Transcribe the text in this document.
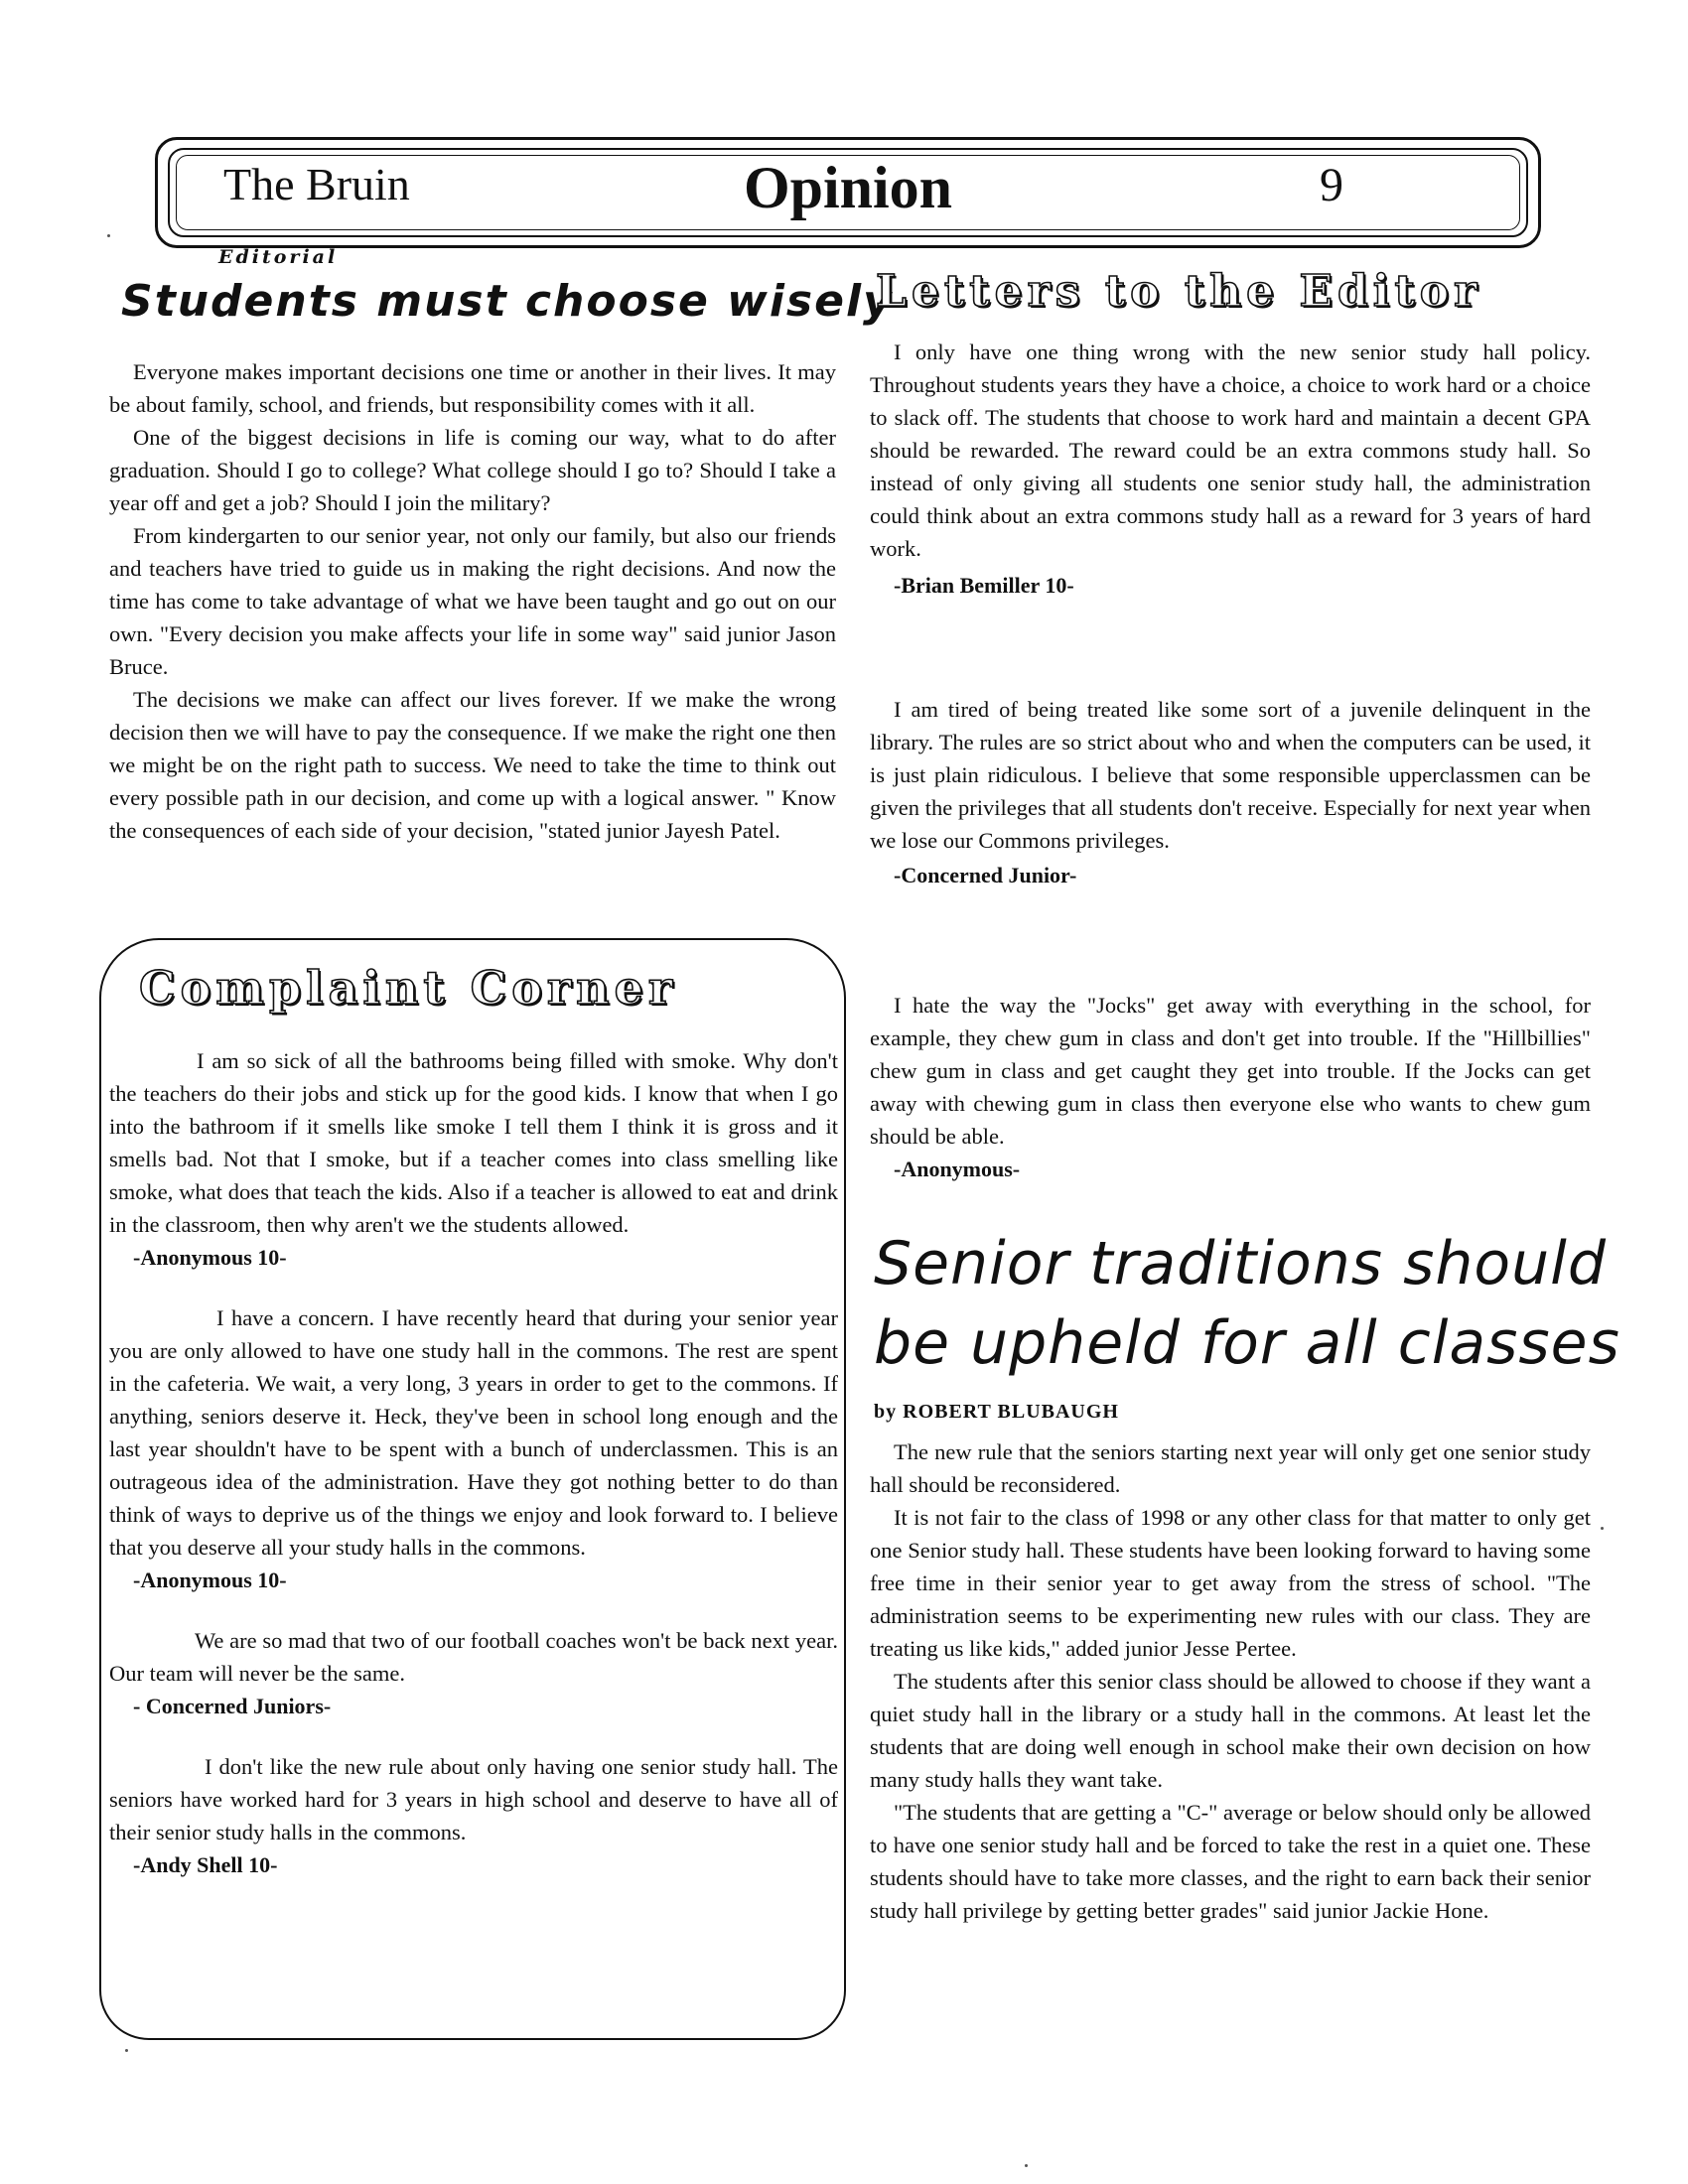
The Bruin	Opinion	9
Editorial
Students must choose wisely

Everyone makes important decisions one time or another in their lives. It may be about family, school, and friends, but responsibility comes with it all.

One of the biggest decisions in life is coming our way, what to do after graduation. Should I go to college? What college should I go to? Should I take a year off and get a job? Should I join the military?

From kindergarten to our senior year, not only our family, but also our friends and teachers have tried to guide us in making the right decisions. And now the time has come to take advantage of what we have been taught and go out on our own. "Every decision you make affects your life in some way" said junior Jason Bruce.

The decisions we make can affect our lives forever. If we make the wrong decision then we will have to pay the consequence. If we make the right one then we might be on the right path to success. We need to take the time to think out every possible path in our decision, and come up with a logical answer. " Know the consequences of each side of your decision, "stated junior Jayesh Patel.

Letters to the Editor

I only have one thing wrong with the new senior study hall policy. Throughout students years they have a choice, a choice to work hard or a choice to slack off. The students that choose to work hard and maintain a decent GPA should be rewarded. The reward could be an extra commons study hall. So instead of only giving all students one senior study hall, the administration could think about an extra commons study hall as a reward for 3 years of hard work.

-Brian Bemiller 10-

I am tired of being treated like some sort of a juvenile delinquent in the library. The rules are so strict about who and when the computers can be used, it is just plain ridiculous. I believe that some responsible upperclassmen can be given the privileges that all students don't receive. Especially for next year when we lose our Commons privileges.

-Concerned Junior-

I hate the way the "Jocks" get away with everything in the school, for example, they chew gum in class and don't get into trouble. If the "Hillbillies" chew gum in class and get caught they get into trouble. If the Jocks can get away with chewing gum in class then everyone else who wants to chew gum should be able.

-Anonymous-

Complaint Corner

I am so sick of all the bathrooms being filled with smoke. Why don't the teachers do their jobs and stick up for the good kids. I know that when I go into the bathroom if it smells like smoke I tell them I think it is gross and it smells bad. Not that I smoke, but if a teacher comes into class smelling like smoke, what does that teach the kids. Also if a teacher is allowed to eat and drink in the classroom, then why aren't we the students allowed.

-Anonymous 10-

I have a concern. I have recently heard that during your senior year you are only allowed to have one study hall in the commons. The rest are spent in the cafeteria. We wait, a very long, 3 years in order to get to the commons. If anything, seniors deserve it. Heck, they've been in school long enough and the last year shouldn't have to be spent with a bunch of underclassmen. This is an outrageous idea of the administration. Have they got nothing better to do than think of ways to deprive us of the things we enjoy and look forward to. I believe that you deserve all your study halls in the commons.

-Anonymous 10-

We are so mad that two of our football coaches won't be back next year. Our team will never be the same.

- Concerned Juniors-

I don't like the new rule about only having one senior study hall. The seniors have worked hard for 3 years in high school and deserve to have all of their senior study halls in the commons.

-Andy Shell 10-

Senior traditions should
be upheld for all classes
by ROBERT BLUBAUGH

The new rule that the seniors starting next year will only get one senior study hall should be reconsidered.

It is not fair to the class of 1998 or any other class for that matter to only get one Senior study hall. These students have been looking forward to having some free time in their senior year to get away from the stress of school. "The administration seems to be experimenting new rules with our class. They are treating us like kids," added junior Jesse Pertee.

The students after this senior class should be allowed to choose if they want a quiet study hall in the library or a study hall in the commons. At least let the students that are doing well enough in school make their own decision on how many study halls they want take.

"The students that are getting a "C-" average or below should only be allowed to have one senior study hall and be forced to take the rest in a quiet one. These students should have to take more classes, and the right to earn back their senior study hall privilege by getting better grades" said junior Jackie Hone.
